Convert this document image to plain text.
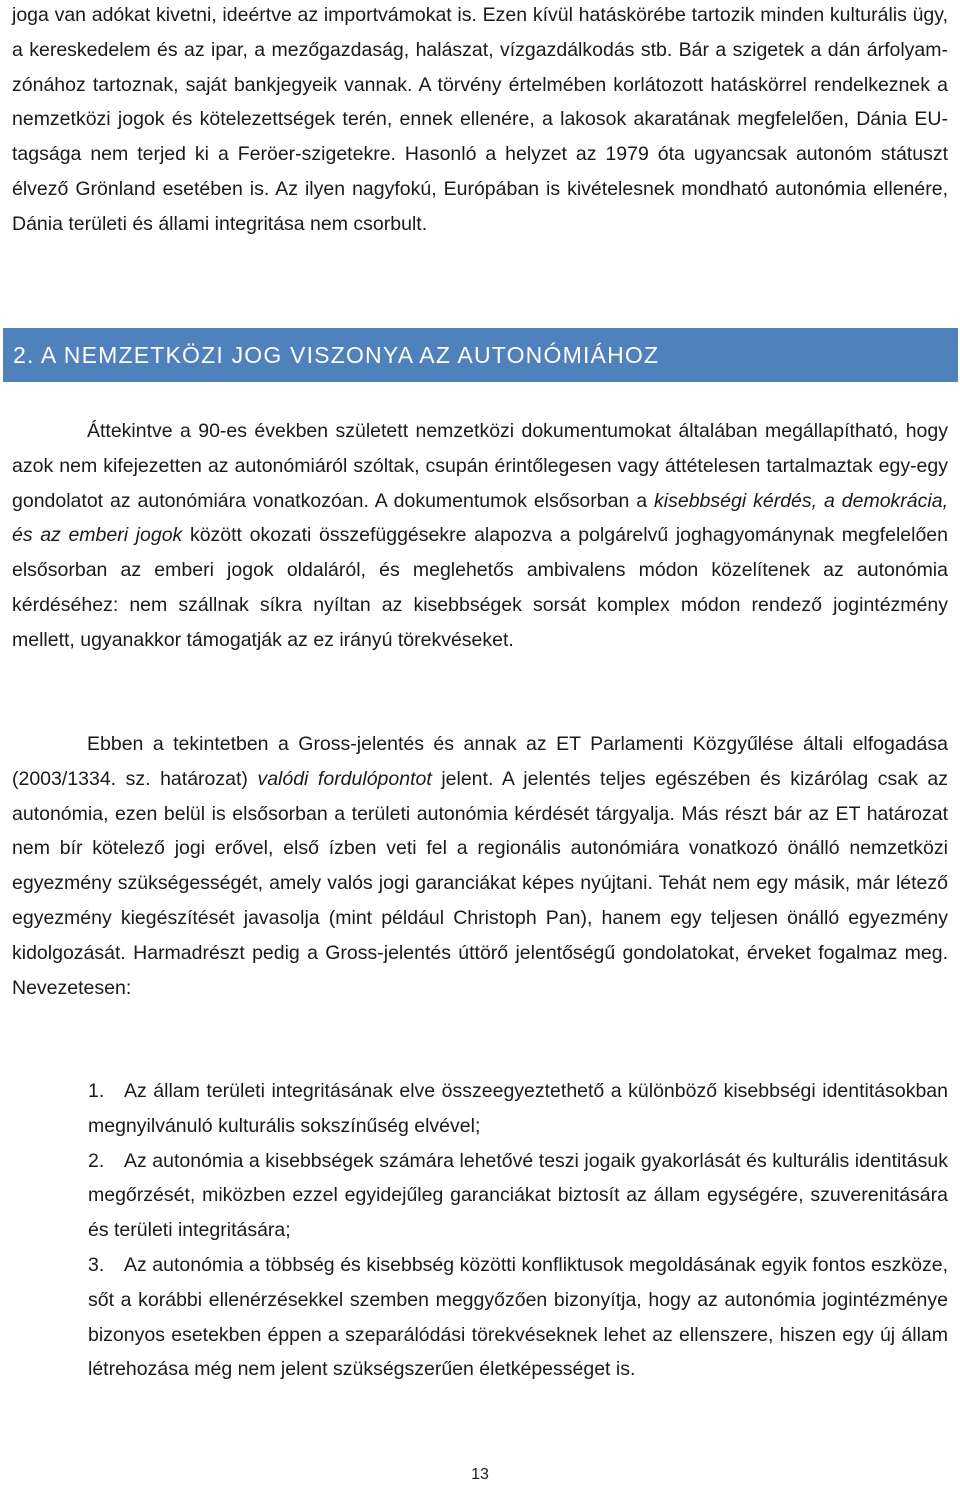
joga van adókat kivetni, ideértve az importvámokat is. Ezen kívül hatáskörébe tartozik minden kulturális ügy, a kereskedelem és az ipar, a mezőgazdaság, halászat, vízgazdálkodás stb. Bár a szigetek a dán árfolyam-zónához tartoznak, saját bankjegyeik vannak. A törvény értelmében korlátozott hatáskörrel rendelkeznek a nemzetközi jogok és kötelezettségek terén, ennek ellenére, a lakosok akaratának megfelelően, Dánia EU-tagsága nem terjed ki a Feröer-szigetekre. Hasonló a helyzet az 1979 óta ugyancsak autonóm státuszt élvező Grönland esetében is. Az ilyen nagyfokú, Európában is kivételesnek mondható autonómia ellenére, Dánia területi és állami integritása nem csorbult.

2. A NEMZETKÖZI JOG VISZONYA AZ AUTONÓMIÁHOZ

Áttekintve a 90-es években született nemzetközi dokumentumokat általában megállapítható, hogy azok nem kifejezetten az autonómiáról szóltak, csupán érintőlegesen vagy áttételesen tartalmaztak egy-egy gondolatot az autonómiára vonatkozóan. A dokumentumok elsősorban a kisebbségi kérdés, a demokrácia, és az emberi jogok között okozati összefüggésekre alapozva a polgárelvű joghagyománynak megfelelően elsősorban az emberi jogok oldaláról, és meglehetős ambivalens módon közelítenek az autonómia kérdéséhez: nem szállnak síkra nyíltan az kisebbségek sorsát komplex módon rendező jogintézmény mellett, ugyanakkor támogatják az ez irányú törekvéseket.

Ebben a tekintetben a Gross-jelentés és annak az ET Parlamenti Közgyűlése általi elfogadása (2003/1334. sz. határozat) valódi fordulópontot jelent. A jelentés teljes egészében és kizárólag csak az autonómia, ezen belül is elsősorban a területi autonómia kérdését tárgyalja. Más részt bár az ET határozat nem bír kötelező jogi erővel, első ízben veti fel a regionális autonómiára vonatkozó önálló nemzetközi egyezmény szükségességét, amely valós jogi garanciákat képes nyújtani. Tehát nem egy másik, már létező egyezmény kiegészítését javasolja (mint például Christoph Pan), hanem egy teljesen önálló egyezmény kidolgozását. Harmadrészt pedig a Gross-jelentés úttörő jelentőségű gondolatokat, érveket fogalmaz meg. Nevezetesen:

1. Az állam területi integritásának elve összeegyeztethető a különböző kisebbségi identitásokban megnyilvánuló kulturális sokszínűség elvével;
2. Az autonómia a kisebbségek számára lehetővé teszi jogaik gyakorlását és kulturális identitásuk megőrzését, miközben ezzel egyidejűleg garanciákat biztosít az állam egységére, szuverenitására és területi integritására;
3. Az autonómia a többség és kisebbség közötti konfliktusok megoldásának egyik fontos eszköze, sőt a korábbi ellenérzésekkel szemben meggyőzően bizonyítja, hogy az autonómia jogintézménye bizonyos esetekben éppen a szeparálódási törekvéseknek lehet az ellenszere, hiszen egy új állam létrehozása még nem jelent szükségszerűen életképességet is.
13
